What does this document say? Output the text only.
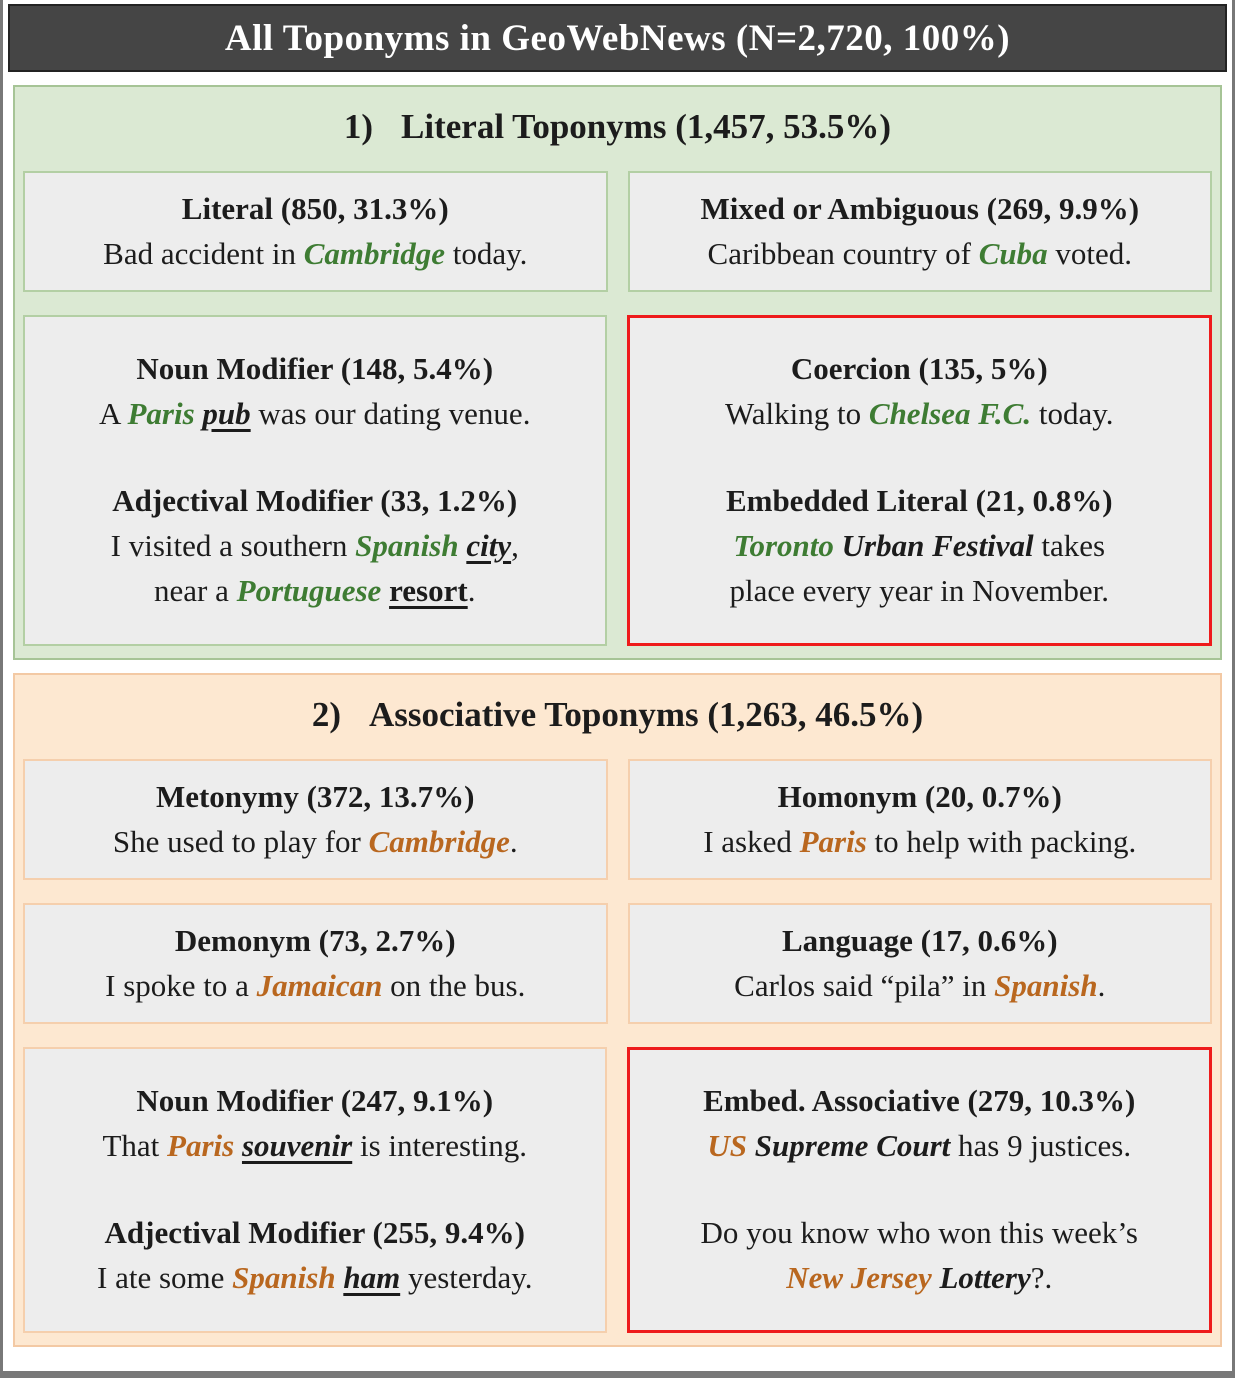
All Toponyms in GeoWebNews (N=2,720, 100%)
1) Literal Toponyms (1,457, 53.5%)
Literal (850, 31.3%)
Bad accident in Cambridge today.
Mixed or Ambiguous (269, 9.9%)
Caribbean country of Cuba voted.
Noun Modifier (148, 5.4%)
A Paris pub was our dating venue.
Adjectival Modifier (33, 1.2%)
I visited a southern Spanish city,
near a Portuguese resort.
Coercion (135, 5%)
Walking to Chelsea F.C. today.
Embedded Literal (21, 0.8%)
Toronto Urban Festival takes
place every year in November.
2) Associative Toponyms (1,263, 46.5%)
Metonymy (372, 13.7%)
She used to play for Cambridge.
Homonym (20, 0.7%)
I asked Paris to help with packing.
Demonym (73, 2.7%)
I spoke to a Jamaican on the bus.
Language (17, 0.6%)
Carlos said “pila” in Spanish.
Noun Modifier (247, 9.1%)
That Paris souvenir is interesting.
Adjectival Modifier (255, 9.4%)
I ate some Spanish ham yesterday.
Embed. Associative (279, 10.3%)
US Supreme Court has 9 justices.
Do you know who won this week’s
New Jersey Lottery?.
